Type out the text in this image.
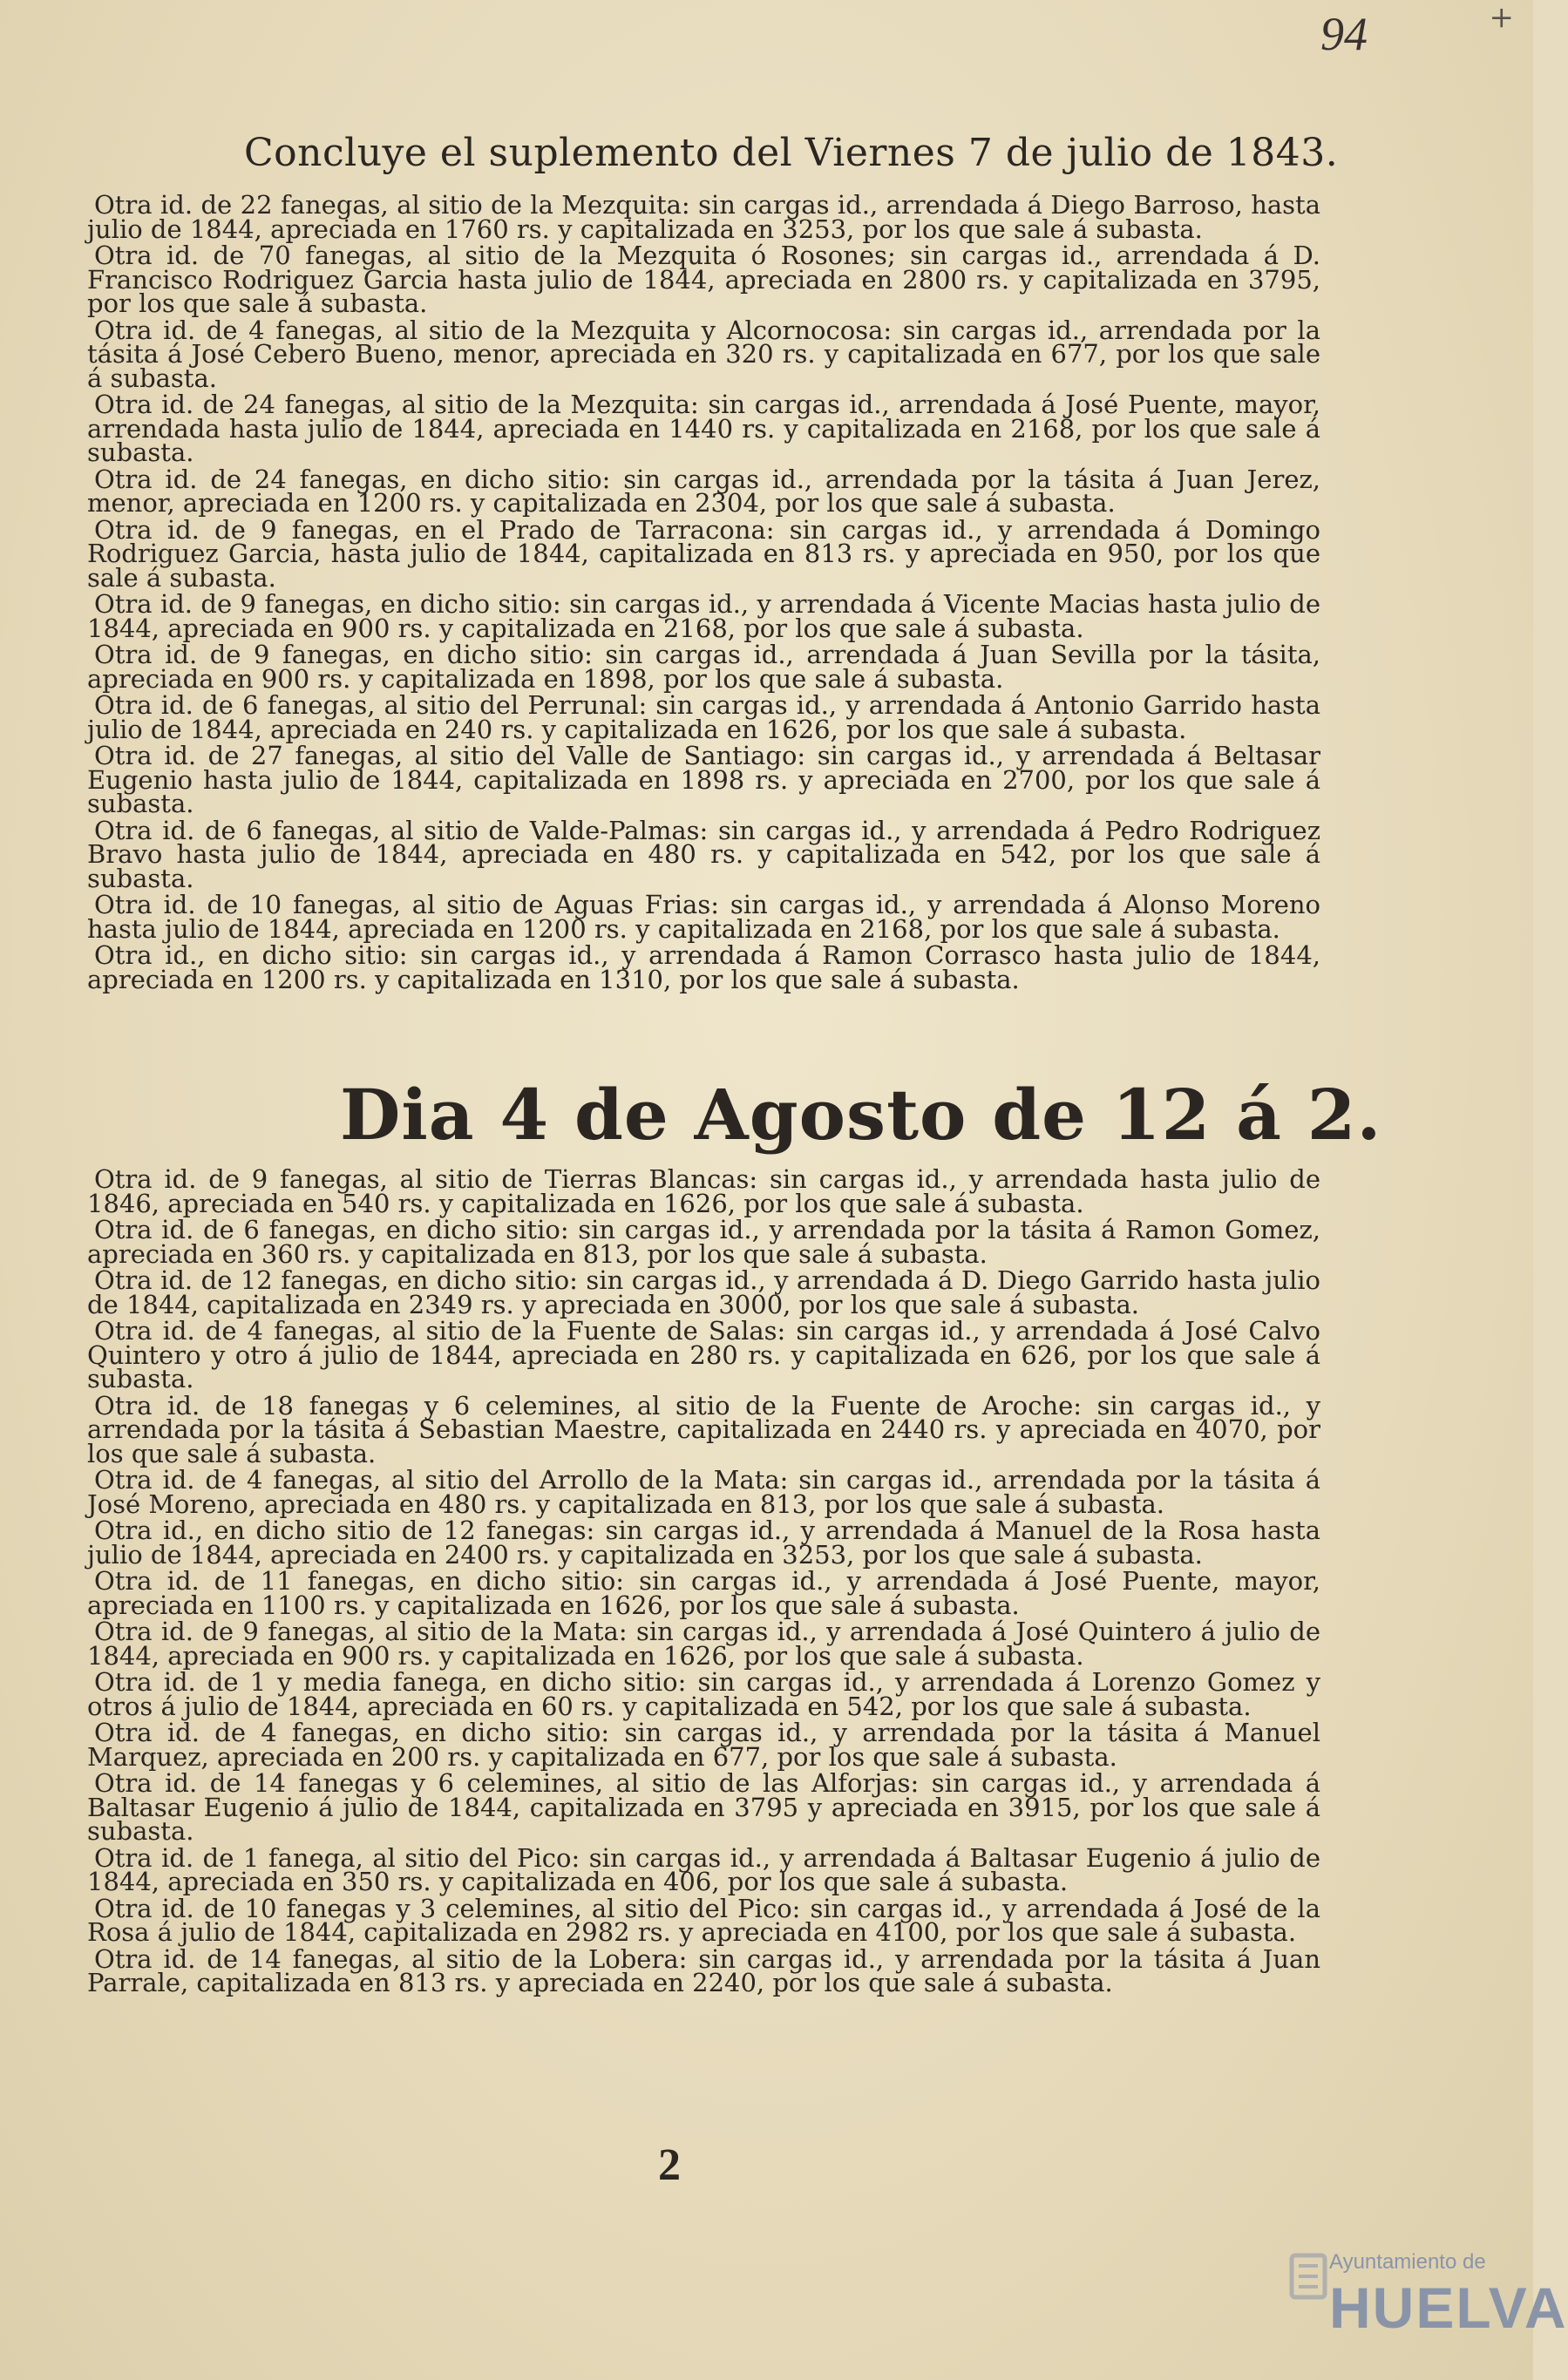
+
94
Concluye el suplemento del Viernes 7 de julio de 1843.

Otra id. de 22 fanegas, al sitio de la Mezquita: sin cargas id., arrendada á Diego Barroso, hasta julio de 1844, apreciada en 1760 rs. y capitalizada en 3253, por los que sale á subasta.

Otra id. de 70 fanegas, al sitio de la Mezquita ó Rosones; sin cargas id., arrendada á D. Francisco Rodriguez Garcia hasta julio de 1844, apreciada en 2800 rs. y capitalizada en 3795, por los que sale á subasta.

Otra id. de 4 fanegas, al sitio de la Mezquita y Alcornocosa: sin cargas id., arrendada por la tásita á José Cebero Bueno, menor, apreciada en 320 rs. y capitalizada en 677, por los que sale á subasta.

Otra id. de 24 fanegas, al sitio de la Mezquita: sin cargas id., arrendada á José Puente, mayor, arrendada hasta julio de 1844, apreciada en 1440 rs. y capitalizada en 2168, por los que sale á subasta.

Otra id. de 24 fanegas, en dicho sitio: sin cargas id., arrendada por la tásita á Juan Jerez, menor, apreciada en 1200 rs. y capitalizada en 2304, por los que sale á subasta.

Otra id. de 9 fanegas, en el Prado de Tarracona: sin cargas id., y arrendada á Domingo Rodriguez Garcia, hasta julio de 1844, capitalizada en 813 rs. y apreciada en 950, por los que sale á subasta.

Otra id. de 9 fanegas, en dicho sitio: sin cargas id., y arrendada á Vicente Macias hasta julio de 1844, apreciada en 900 rs. y capitalizada en 2168, por los que sale á subasta.

Otra id. de 9 fanegas, en dicho sitio: sin cargas id., arrendada á Juan Sevilla por la tásita, apreciada en 900 rs. y capitalizada en 1898, por los que sale á subasta.

Otra id. de 6 fanegas, al sitio del Perrunal: sin cargas id., y arrendada á Antonio Garrido hasta julio de 1844, apreciada en 240 rs. y capitalizada en 1626, por los que sale á subasta.

Otra id. de 27 fanegas, al sitio del Valle de Santiago: sin cargas id., y arrendada á Beltasar Eugenio hasta julio de 1844, capitalizada en 1898 rs. y apreciada en 2700, por los que sale á subasta.

Otra id. de 6 fanegas, al sitio de Valde-Palmas: sin cargas id., y arrendada á Pedro Rodriguez Bravo hasta julio de 1844, apreciada en 480 rs. y capitalizada en 542, por los que sale á subasta.

Otra id. de 10 fanegas, al sitio de Aguas Frias: sin cargas id., y arrendada á Alonso Moreno hasta julio de 1844, apreciada en 1200 rs. y capitalizada en 2168, por los que sale á subasta.

Otra id., en dicho sitio: sin cargas id., y arrendada á Ramon Corrasco hasta julio de 1844, apreciada en 1200 rs. y capitalizada en 1310, por los que sale á subasta.

Dia 4 de Agosto de 12 á 2.

Otra id. de 9 fanegas, al sitio de Tierras Blancas: sin cargas id., y arrendada hasta julio de 1846, apreciada en 540 rs. y capitalizada en 1626, por los que sale á subasta.

Otra id. de 6 fanegas, en dicho sitio: sin cargas id., y arrendada por la tásita á Ramon Gomez, apreciada en 360 rs. y capitalizada en 813, por los que sale á subasta.

Otra id. de 12 fanegas, en dicho sitio: sin cargas id., y arrendada á D. Diego Garrido hasta julio de 1844, capitalizada en 2349 rs. y apreciada en 3000, por los que sale á subasta.

Otra id. de 4 fanegas, al sitio de la Fuente de Salas: sin cargas id., y arrendada á José Calvo Quintero y otro á julio de 1844, apreciada en 280 rs. y capitalizada en 626, por los que sale á subasta.

Otra id. de 18 fanegas y 6 celemines, al sitio de la Fuente de Aroche: sin cargas id., y arrendada por la tásita á Sebastian Maestre, capitalizada en 2440 rs. y apreciada en 4070, por los que sale á subasta.

Otra id. de 4 fanegas, al sitio del Arrollo de la Mata: sin cargas id., arrendada por la tásita á José Moreno, apreciada en 480 rs. y capitalizada en 813, por los que sale á subasta.

Otra id., en dicho sitio de 12 fanegas: sin cargas id., y arrendada á Manuel de la Rosa hasta julio de 1844, apreciada en 2400 rs. y capitalizada en 3253, por los que sale á subasta.

Otra id. de 11 fanegas, en dicho sitio: sin cargas id., y arrendada á José Puente, mayor, apreciada en 1100 rs. y capitalizada en 1626, por los que sale á subasta.

Otra id. de 9 fanegas, al sitio de la Mata: sin cargas id., y arrendada á José Quintero á julio de 1844, apreciada en 900 rs. y capitalizada en 1626, por los que sale á subasta.

Otra id. de 1 y media fanega, en dicho sitio: sin cargas id., y arrendada á Lorenzo Gomez y otros á julio de 1844, apreciada en 60 rs. y capitalizada en 542, por los que sale á subasta.

Otra id. de 4 fanegas, en dicho sitio: sin cargas id., y arrendada por la tásita á Manuel Marquez, apreciada en 200 rs. y capitalizada en 677, por los que sale á subasta.

Otra id. de 14 fanegas y 6 celemines, al sitio de las Alforjas: sin cargas id., y arrendada á Baltasar Eugenio á julio de 1844, capitalizada en 3795 y apreciada en 3915, por los que sale á subasta.

Otra id. de 1 fanega, al sitio del Pico: sin cargas id., y arrendada á Baltasar Eugenio á julio de 1844, apreciada en 350 rs. y capitalizada en 406, por los que sale á subasta.

Otra id. de 10 fanegas y 3 celemines, al sitio del Pico: sin cargas id., y arrendada á José de la Rosa á julio de 1844, capitalizada en 2982 rs. y apreciada en 4100, por los que sale á subasta.

Otra id. de 14 fanegas, al sitio de la Lobera: sin cargas id., y arrendada por la tásita á Juan Parrale, capitalizada en 813 rs. y apreciada en 2240, por los que sale á subasta.

2
Ayuntamiento de
HUELVA
